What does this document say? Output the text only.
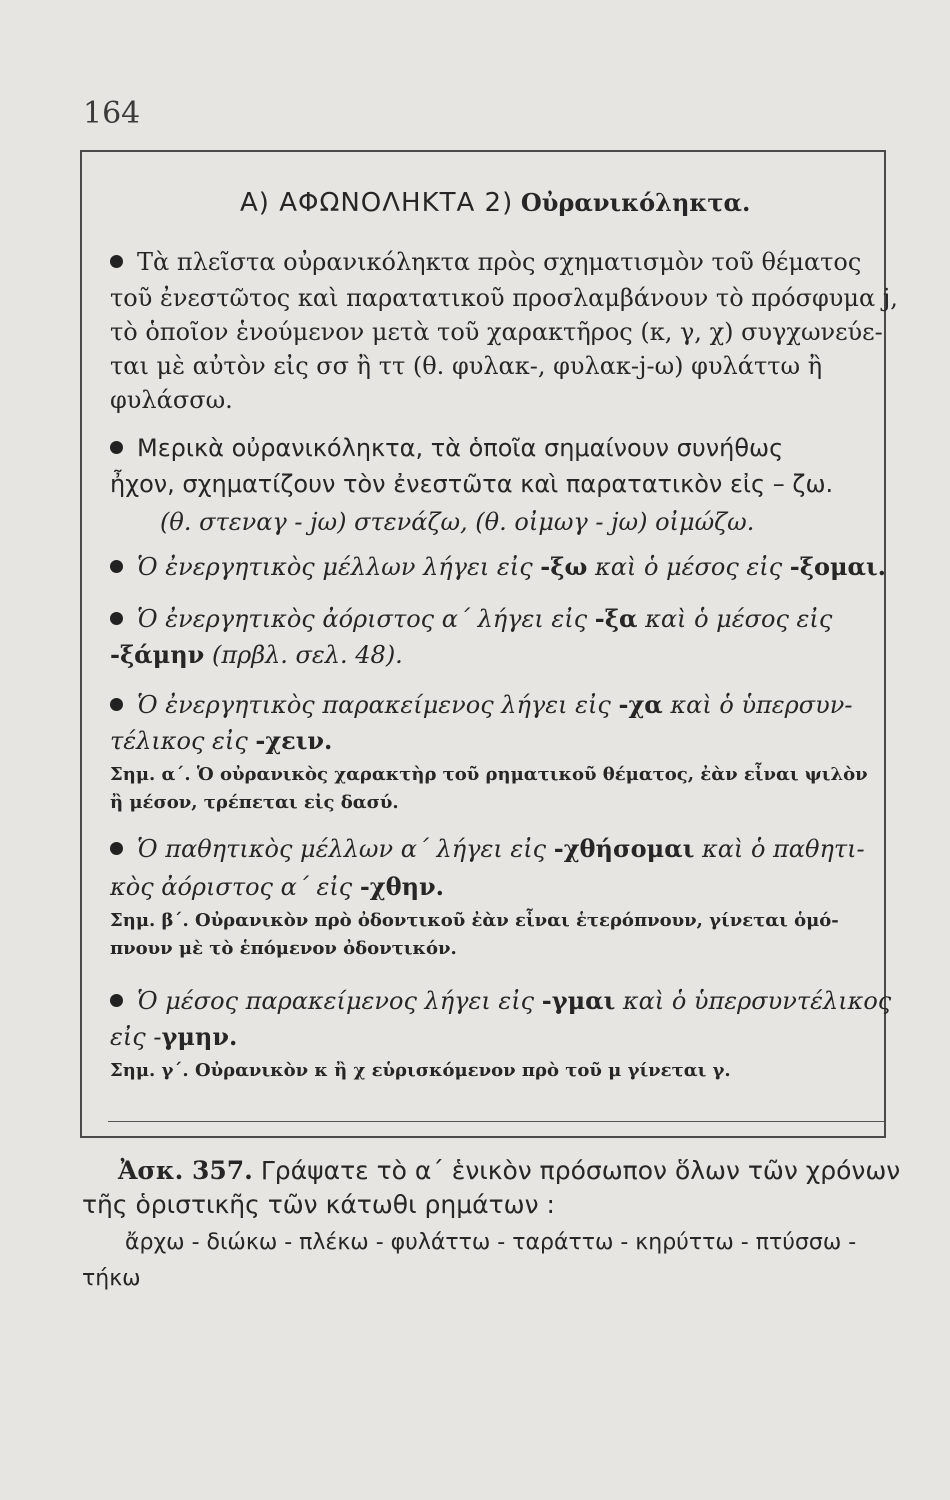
164
Α) ΑΦΩΝΟΛΗΚΤΑ 2) Οὐρανικόληκτα.
Τὰ πλεῖστα οὐρανικόληκτα πρὸς σχηματισμὸν τοῦ θέματος
τοῦ ἐνεστῶτος καὶ παρατατικοῦ προσλαμβάνουν τὸ πρόσφυμα j,
τὸ ὁποῖον ἑνούμενον μετὰ τοῦ χαρακτῆρος (κ, γ, χ) συγχωνεύε-
ται μὲ αὐτὸν εἰς σσ ἢ ττ (θ. φυλακ-, φυλακ-j-ω) φυλάττω ἢ
φυλάσσω.
Μερικὰ οὐρανικόληκτα, τὰ ὁποῖα σημαίνουν συνήθως
ἦχον, σχηματίζουν τὸν ἐνεστῶτα καὶ παρατατικὸν εἰς – ζω.
(θ. στεναγ - jω) στενάζω, (θ. οἰμωγ - jω) οἰμώζω.
Ὁ ἐνεργητικὸς μέλλων λήγει εἰς -ξω καὶ ὁ μέσος εἰς -ξομαι.
Ὁ ἐνεργητικὸς ἀόριστος α΄ λήγει εἰς -ξα καὶ ὁ μέσος εἰς
-ξάμην (πρβλ. σελ. 48).
Ὁ ἐνεργητικὸς παρακείμενος λήγει εἰς -χα καὶ ὁ ὑπερσυν-
τέλικος εἰς -χειν.
Σημ. α΄. Ὁ οὐρανικὸς χαρακτὴρ τοῦ ρηματικοῦ θέματος, ἐὰν εἶναι ψιλὸν
ἢ μέσον, τρέπεται εἰς δασύ.
Ὁ παθητικὸς μέλλων α΄ λήγει εἰς -χθήσομαι καὶ ὁ παθητι-
κὸς ἀόριστος α΄ εἰς -χθην.
Σημ. β΄. Οὐρανικὸν πρὸ ὀδοντικοῦ ἐὰν εἶναι ἑτερόπνουν, γίνεται ὁμό-
πνουν μὲ τὸ ἑπόμενον ὀδοντικόν.
Ὁ μέσος παρακείμενος λήγει εἰς -γμαι καὶ ὁ ὑπερσυντέλικος
εἰς -γμην.
Σημ. γ΄. Οὐρανικὸν κ ἢ χ εὑρισκόμενον πρὸ τοῦ μ γίνεται γ.
Ἀσκ. 357. Γράψατε τὸ α΄ ἑνικὸν πρόσωπον ὅλων τῶν χρόνων
τῆς ὁριστικῆς τῶν κάτωθι ρημάτων :
ἄρχω - διώκω - πλέκω - φυλάττω - ταράττω - κηρύττω - πτύσσω -
τήκω
